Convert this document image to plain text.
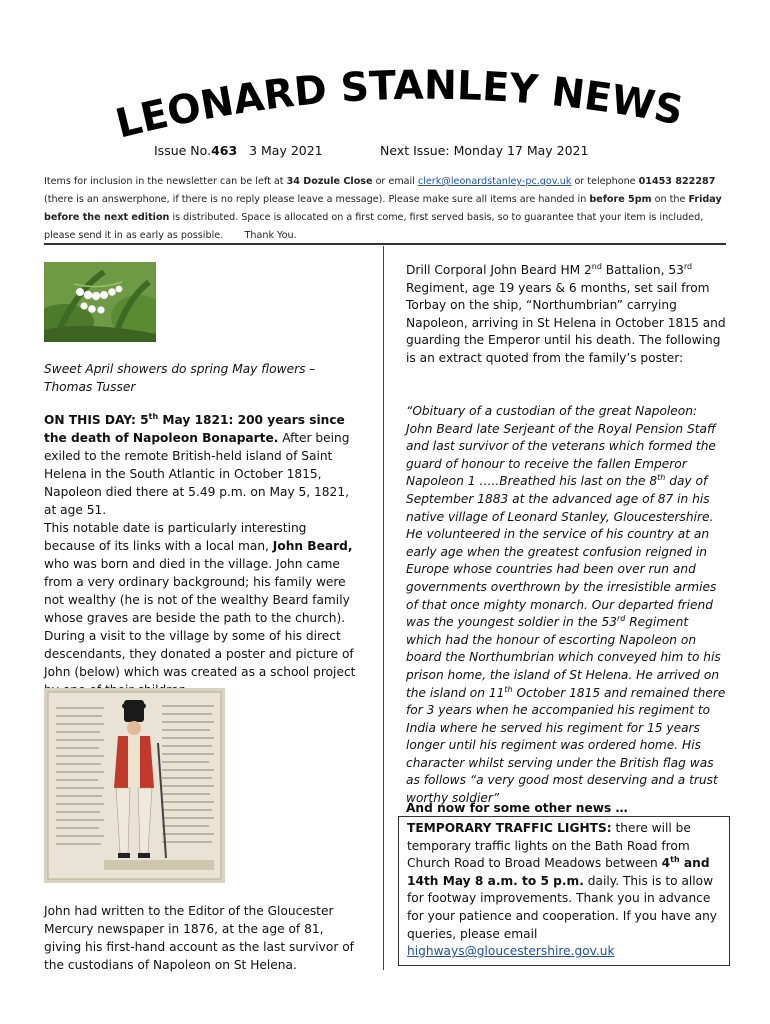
LEONARD STANLEY NEWS
Issue No.463 3 May 2021	Next Issue: Monday 17 May 2021
Items for inclusion in the newsletter can be left at 34 Dozule Close or email clerk@leonardstanley-pc.gov.uk or telephone 01453 822287 (there is an answerphone, if there is no reply please leave a message). Please make sure all items are handed in before 5pm on the Friday before the next edition is distributed. Space is allocated on a first come, first served basis, so to guarantee that your item is included, please send it in as early as possible. Thank You.
Sweet April showers do spring May flowers – Thomas Tusser

ON THIS DAY: 5th May 1821: 200 years since the death of Napoleon Bonaparte. After being exiled to the remote British-held island of Saint Helena in the South Atlantic in October 1815, Napoleon died there at 5.49 p.m. on May 5, 1821, at age 51.

This notable date is particularly interesting because of its links with a local man, John Beard, who was born and died in the village. John came from a very ordinary background; his family were not wealthy (he is not of the wealthy Beard family whose graves are beside the path to the church). During a visit to the village by some of his direct descendants, they donated a poster and picture of John (below) which was created as a school project

John had written to the Editor of the Gloucester Mercury newspaper in 1876, at the age of 81, giving his first-hand account as the last survivor of the custodians of Napoleon on St Helena.
Drill Corporal John Beard HM 2nd Battalion, 53rd Regiment, age 19 years & 6 months, set sail from Torbay on the ship, “Northumbrian” carrying Napoleon, arriving in St Helena in October 1815 and guarding the Emperor until his death. The following is an extract quoted from the family’s poster:
“Obituary of a custodian of the great Napoleon: John Beard late Serjeant of the Royal Pension Staff and last survivor of the veterans which formed the guard of honour to receive the fallen Emperor Napoleon 1 …..Breathed his last on the 8th day of September 1883 at the advanced age of 87 in his native village of Leonard Stanley, Gloucestershire. He volunteered in the service of his country at an early age when the greatest confusion reigned in Europe whose countries had been over run and governments overthrown by the irresistible armies of that once mighty monarch. Our departed friend was the youngest soldier in the 53rd Regiment which had the honour of escorting Napoleon on board the Northumbrian which conveyed him to his prison home, the island of St Helena. He arrived on the island on 11th October 1815 and remained there for 3 years when he accompanied his regiment to India where he served his regiment for 15 years longer until his regiment was ordered home. His character whilst serving under the British flag was as follows “a very good most deserving and a trust worthy soldier”
And now for some other news …
TEMPORARY TRAFFIC LIGHTS: there will be temporary traffic lights on the Bath Road from Church Road to Broad Meadows between 4th and 14th May 8 a.m. to 5 p.m. daily. This is to allow for footway improvements. Thank you in advance for your patience and cooperation. If you have any queries, please email
highways@gloucestershire.gov.uk
